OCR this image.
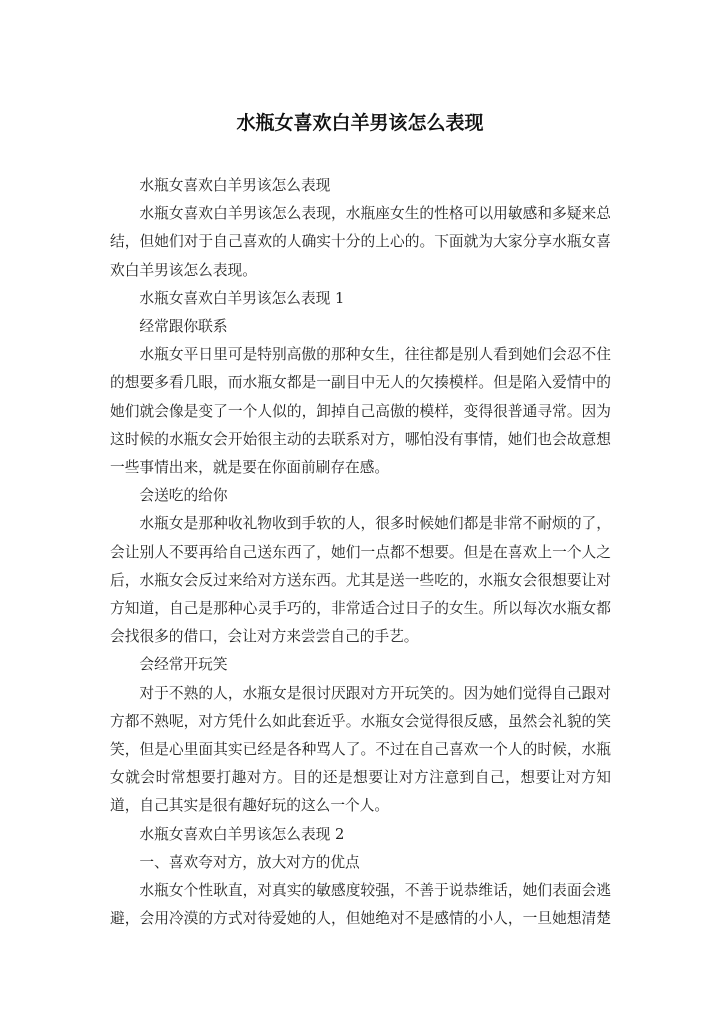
水瓶女喜欢白羊男该怎么表现

水瓶女喜欢白羊男该怎么表现

水瓶女喜欢白羊男该怎么表现，水瓶座女生的性格可以用敏感和多疑来总结，但她们对于自己喜欢的人确实十分的上心的。下面就为大家分享水瓶女喜欢白羊男该怎么表现。

水瓶女喜欢白羊男该怎么表现 1

经常跟你联系

水瓶女平日里可是特别高傲的那种女生，往往都是别人看到她们会忍不住的想要多看几眼，而水瓶女都是一副目中无人的欠揍模样。但是陷入爱情中的她们就会像是变了一个人似的，卸掉自己高傲的模样，变得很普通寻常。因为这时候的水瓶女会开始很主动的去联系对方，哪怕没有事情，她们也会故意想一些事情出来，就是要在你面前刷存在感。

会送吃的给你

水瓶女是那种收礼物收到手软的人，很多时候她们都是非常不耐烦的了，会让别人不要再给自己送东西了，她们一点都不想要。但是在喜欢上一个人之后，水瓶女会反过来给对方送东西。尤其是送一些吃的，水瓶女会很想要让对方知道，自己是那种心灵手巧的，非常适合过日子的女生。所以每次水瓶女都会找很多的借口，会让对方来尝尝自己的手艺。

会经常开玩笑

对于不熟的人，水瓶女是很讨厌跟对方开玩笑的。因为她们觉得自己跟对方都不熟呢，对方凭什么如此套近乎。水瓶女会觉得很反感，虽然会礼貌的笑笑，但是心里面其实已经是各种骂人了。不过在自己喜欢一个人的时候，水瓶女就会时常想要打趣对方。目的还是想要让对方注意到自己，想要让对方知道，自己其实是很有趣好玩的这么一个人。

水瓶女喜欢白羊男该怎么表现 2

一、喜欢夸对方，放大对方的优点

水瓶女个性耿直，对真实的敏感度较强，不善于说恭维话，她们表面会逃避，会用冷漠的方式对待爱她的人，但她绝对不是感情的小人，一旦她想清楚
